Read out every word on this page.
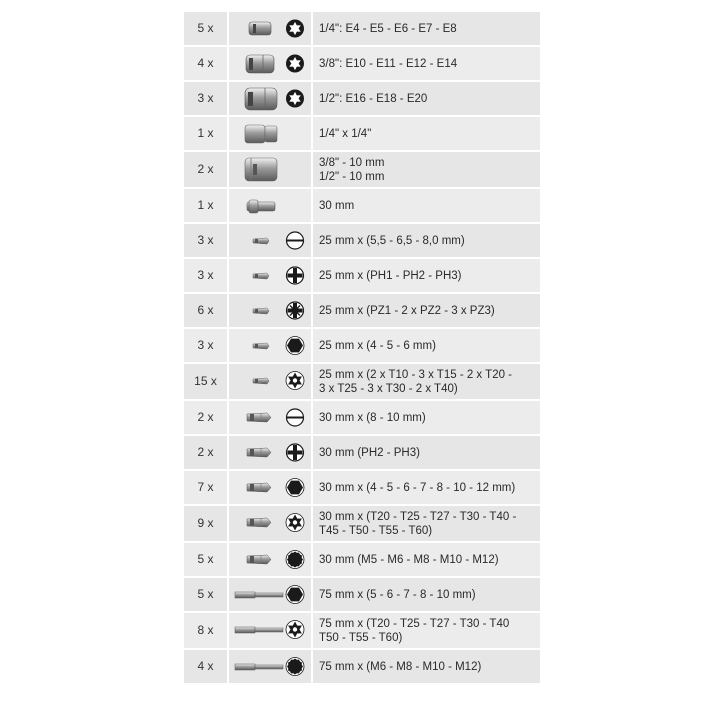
5 x	1/4": E4 - E5 - E6 - E7 - E8
4 x	3/8": E10 - E11 - E12 - E14
3 x	1/2": E16 - E18 - E20
1 x	1/4" x 1/4"
2 x	3/8" - 10 mm
1/2" - 10 mm
1 x	30 mm
3 x	25 mm x (5,5 - 6,5 - 8,0 mm)
3 x	25 mm x (PH1 - PH2 - PH3)
6 x	25 mm x (PZ1 - 2 x PZ2 - 3 x PZ3)
3 x	25 mm x (4 - 5 - 6 mm)
15 x	25 mm x (2 x T10 - 3 x T15 - 2 x T20 -
3 x T25 - 3 x T30 - 2 x T40)
2 x	30 mm x (8 - 10 mm)
2 x	30 mm (PH2 - PH3)
7 x	30 mm x (4 - 5 - 6 - 7 - 8 - 10 - 12 mm)
9 x	30 mm x (T20 - T25 - T27 - T30 - T40 -
T45 - T50 - T55 - T60)
5 x	30 mm (M5 - M6 - M8 - M10 - M12)
5 x	75 mm x (5 - 6 - 7 - 8 - 10 mm)
8 x	75 mm x (T20 - T25 - T27 - T30 - T40
T50 - T55 - T60)
4 x	75 mm x (M6 - M8 - M10 - M12)
